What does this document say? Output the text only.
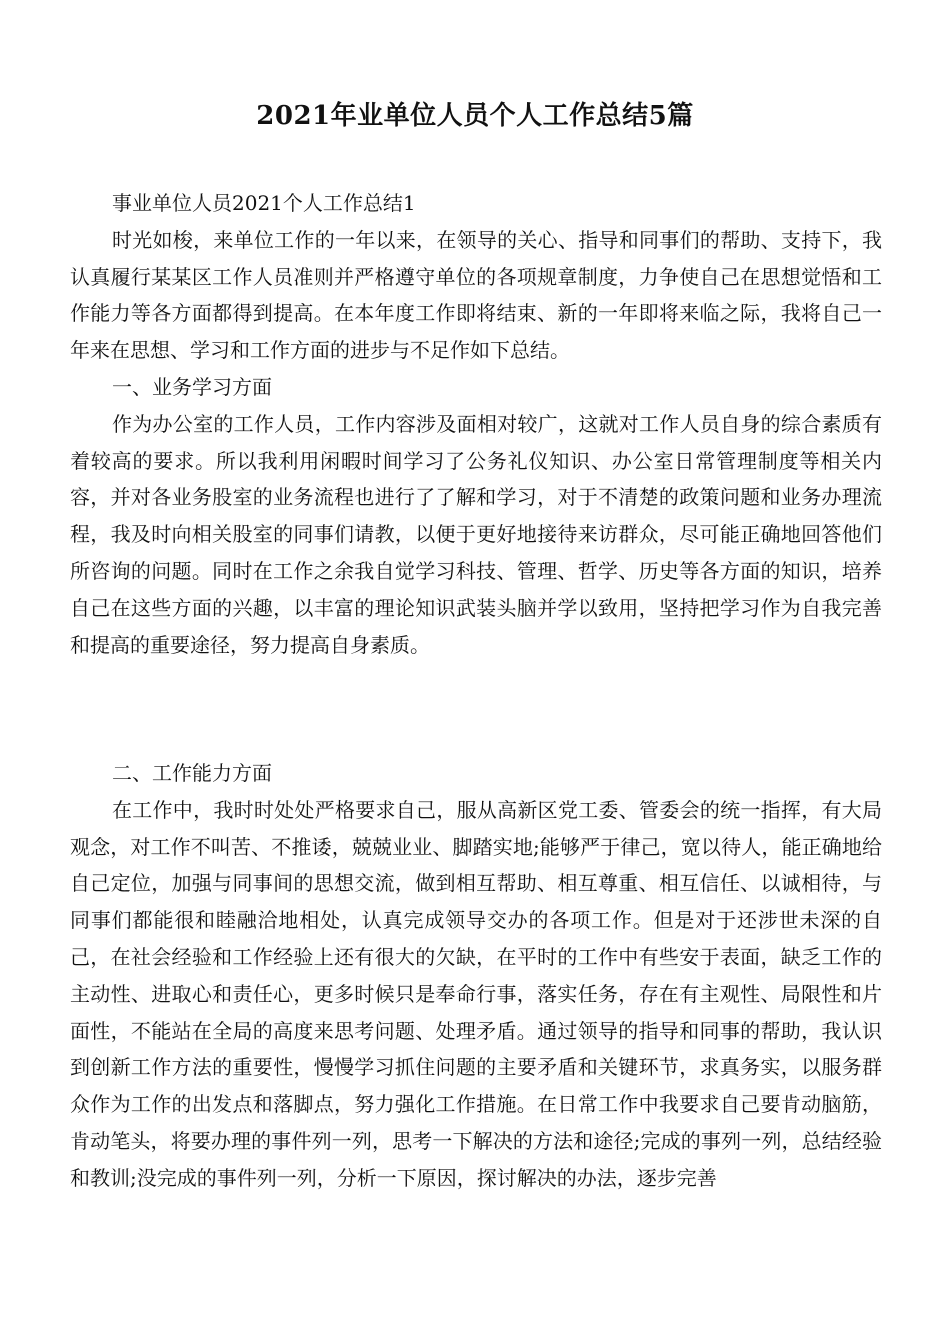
2021年业单位人员个人工作总结5篇
事业单位人员2021个人工作总结1

时光如梭，来单位工作的一年以来，在领导的关心、指导和同事们的帮助、支持下，我认真履行某某区工作人员准则并严格遵守单位的各项规章制度，力争使自己在思想觉悟和工作能力等各方面都得到提高。在本年度工作即将结束、新的一年即将来临之际，我将自己一年来在思想、学习和工作方面的进步与不足作如下总结。

一、业务学习方面

作为办公室的工作人员，工作内容涉及面相对较广，这就对工作人员自身的综合素质有着较高的要求。所以我利用闲暇时间学习了公务礼仪知识、办公室日常管理制度等相关内容，并对各业务股室的业务流程也进行了了解和学习，对于不清楚的政策问题和业务办理流程，我及时向相关股室的同事们请教，以便于更好地接待来访群众，尽可能正确地回答他们所咨询的问题。同时在工作之余我自觉学习科技、管理、哲学、历史等各方面的知识，培养自己在这些方面的兴趣，以丰富的理论知识武装头脑并学以致用，坚持把学习作为自我完善和提高的重要途径，努力提高自身素质。

二、工作能力方面

在工作中，我时时处处严格要求自己，服从高新区党工委、管委会的统一指挥，有大局观念，对工作不叫苦、不推诿，兢兢业业、脚踏实地;能够严于律己，宽以待人，能正确地给自己定位，加强与同事间的思想交流，做到相互帮助、相互尊重、相互信任、以诚相待，与同事们都能很和睦融洽地相处，认真完成领导交办的各项工作。但是对于还涉世未深的自己，在社会经验和工作经验上还有很大的欠缺，在平时的工作中有些安于表面，缺乏工作的主动性、进取心和责任心，更多时候只是奉命行事，落实任务，存在有主观性、局限性和片面性，不能站在全局的高度来思考问题、处理矛盾。通过领导的指导和同事的帮助，我认识到创新工作方法的重要性，慢慢学习抓住问题的主要矛盾和关键环节，求真务实，以服务群众作为工作的出发点和落脚点，努力强化工作措施。在日常工作中我要求自己要肯动脑筋，肯动笔头，将要办理的事件列一列，思考一下解决的方法和途径;完成的事列一列，总结经验和教训;没完成的事件列一列，分析一下原因，探讨解决的办法，逐步完善
